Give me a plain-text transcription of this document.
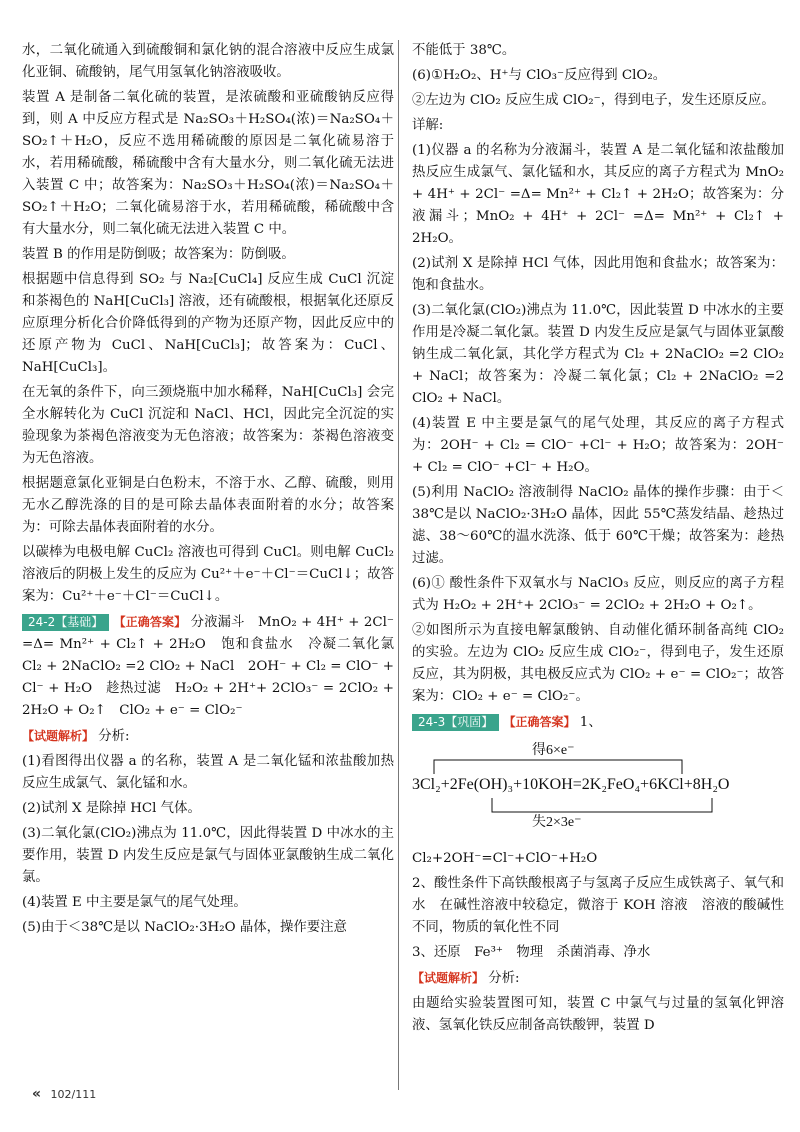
水，二氧化硫通入到硫酸铜和氯化钠的混合溶液中反应生成氯化亚铜、硫酸钠，尾气用氢氧化钠溶液吸收。

装置 A 是制备二氧化硫的装置，是浓硫酸和亚硫酸钠反应得到，则 A 中反应方程式是 Na₂SO₃＋H₂SO₄(浓)＝Na₂SO₄＋SO₂↑＋H₂O，反应不选用稀硫酸的原因是二氧化硫易溶于水，若用稀硫酸，稀硫酸中含有大量水分，则二氧化硫无法进入装置 C 中；故答案为：Na₂SO₃＋H₂SO₄(浓)＝Na₂SO₄＋SO₂↑＋H₂O；二氧化硫易溶于水，若用稀硫酸，稀硫酸中含有大量水分，则二氧化硫无法进入装置 C 中。

装置 B 的作用是防倒吸；故答案为：防倒吸。

根据题中信息得到 SO₂ 与 Na₂[CuCl₄] 反应生成 CuCl 沉淀和茶褐色的 NaH[CuCl₃] 溶液，还有硫酸根，根据氧化还原反应原理分析化合价降低得到的产物为还原产物，因此反应中的还原产物为 CuCl、NaH[CuCl₃]；故答案为：CuCl、NaH[CuCl₃]。

在无氧的条件下，向三颈烧瓶中加水稀释，NaH[CuCl₃] 会完全水解转化为 CuCl 沉淀和 NaCl、HCl，因此完全沉淀的实验现象为茶褐色溶液变为无色溶液；故答案为：茶褐色溶液变为无色溶液。

根据题意氯化亚铜是白色粉末，不溶于水、乙醇、硫酸，则用无水乙醇洗涤的目的是可除去晶体表面附着的水分；故答案为：可除去晶体表面附着的水分。

以碳棒为电极电解 CuCl₂ 溶液也可得到 CuCl。则电解 CuCl₂ 溶液后的阴极上发生的反应为 Cu²⁺＋e⁻＋Cl⁻＝CuCl↓；故答案为：Cu²⁺＋e⁻＋Cl⁻＝CuCl↓。

24-2【基础】 【正确答案】 分液漏斗　MnO₂ + 4H⁺ + 2Cl⁻ =Δ= Mn²⁺ + Cl₂↑ + 2H₂O　饱和食盐水　冷凝二氧化氯　Cl₂ + 2NaClO₂ =2 ClO₂ + NaCl　2OH⁻ + Cl₂ = ClO⁻ + Cl⁻ + H₂O　趁热过滤　H₂O₂ + 2H⁺+ 2ClO₃⁻ = 2ClO₂ + 2H₂O + O₂↑　ClO₂ + e⁻ = ClO₂⁻

【试题解析】 分析:

(1)看图得出仪器 a 的名称，装置 A 是二氧化锰和浓盐酸加热反应生成氯气、氯化锰和水。

(2)试剂 X 是除掉 HCl 气体。

(3)二氧化氯(ClO₂)沸点为 11.0℃，因此得装置 D 中冰水的主要作用，装置 D 内发生反应是氯气与固体亚氯酸钠生成二氧化氯。

(4)装置 E 中主要是氯气的尾气处理。

(5)由于＜38℃是以 NaClO₂·3H₂O 晶体，操作要注意

不能低于 38℃。

(6)①H₂O₂、H⁺与 ClO₃⁻反应得到 ClO₂。

②左边为 ClO₂ 反应生成 ClO₂⁻，得到电子，发生还原反应。

详解:

(1)仪器 a 的名称为分液漏斗，装置 A 是二氧化锰和浓盐酸加热反应生成氯气、氯化锰和水，其反应的离子方程式为 MnO₂ + 4H⁺ + 2Cl⁻ =Δ= Mn²⁺ + Cl₂↑ + 2H₂O；故答案为：分液漏斗；MnO₂ + 4H⁺ + 2Cl⁻ =Δ= Mn²⁺ + Cl₂↑ + 2H₂O。

(2)试剂 X 是除掉 HCl 气体，因此用饱和食盐水；故答案为：饱和食盐水。

(3)二氧化氯(ClO₂)沸点为 11.0℃，因此装置 D 中冰水的主要作用是冷凝二氧化氯。装置 D 内发生反应是氯气与固体亚氯酸钠生成二氧化氯，其化学方程式为 Cl₂ + 2NaClO₂ =2 ClO₂ + NaCl；故答案为：冷凝二氧化氯；Cl₂ + 2NaClO₂ =2 ClO₂ + NaCl。

(4)装置 E 中主要是氯气的尾气处理，其反应的离子方程式为：2OH⁻ + Cl₂ = ClO⁻ +Cl⁻ + H₂O；故答案为：2OH⁻ + Cl₂ = ClO⁻ +Cl⁻ + H₂O。

(5)利用 NaClO₂ 溶液制得 NaClO₂ 晶体的操作步骤：由于＜38℃是以 NaClO₂·3H₂O 晶体，因此 55℃蒸发结晶、趁热过滤、38～60℃的温水洗涤、低于 60℃干燥；故答案为：趁热过滤。

(6)① 酸性条件下双氧水与 NaClO₃ 反应，则反应的离子方程式为 H₂O₂ + 2H⁺+ 2ClO₃⁻ = 2ClO₂ + 2H₂O + O₂↑。

②如图所示为直接电解氯酸钠、自动催化循环制备高纯 ClO₂ 的实验。左边为 ClO₂ 反应生成 ClO₂⁻，得到电子，发生还原反应，其为阴极，其电极反应式为 ClO₂ + e⁻ = ClO₂⁻；故答案为：ClO₂ + e⁻ = ClO₂⁻。

24-3【巩固】 【正确答案】 1、

得6×e⁻
3Cl₂+2Fe(OH)₃+10KOH=2K₂FeO₄+6KCl+8H₂O
失2×3e⁻

Cl₂+2OH⁻=Cl⁻+ClO⁻+H₂O

2、酸性条件下高铁酸根离子与氢离子反应生成铁离子、氧气和水　在碱性溶液中较稳定，微溶于 KOH 溶液　溶液的酸碱性不同，物质的氧化性不同

3、还原　Fe³⁺　物理　杀菌消毒、净水

【试题解析】 分析:

由题给实验装置图可知，装置 C 中氯气与过量的氢氧化钾溶液、氢氧化铁反应制备高铁酸钾，装置 D

« 102/111
